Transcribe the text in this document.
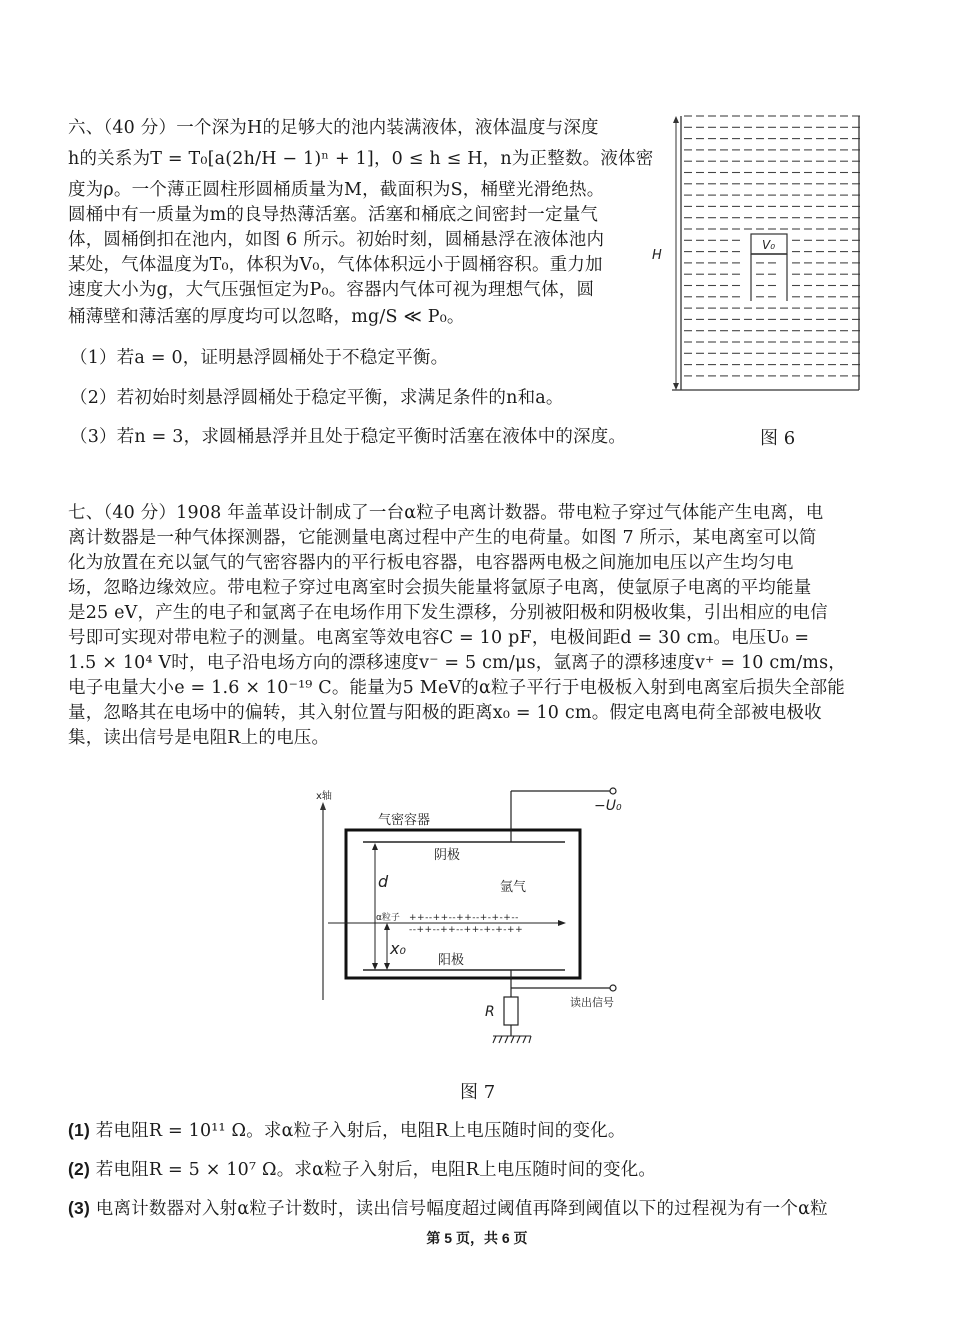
六、（40 分）一个深为H的足够大的池内装满液体，液体温度与深度
h的关系为T = T₀[a(2h/H − 1)ⁿ + 1]，0 ≤ h ≤ H，n为正整数。液体密
度为ρ。一个薄正圆柱形圆桶质量为M，截面积为S，桶壁光滑绝热。
圆桶中有一质量为m的良导热薄活塞。活塞和桶底之间密封一定量气
体，圆桶倒扣在池内，如图 6 所示。初始时刻，圆桶悬浮在液体池内
某处，气体温度为T₀，体积为V₀，气体体积远小于圆桶容积。重力加
速度大小为g，大气压强恒定为P₀。容器内气体可视为理想气体，圆
桶薄壁和薄活塞的厚度均可以忽略，mg/S ≪ P₀。
（1）若a = 0，证明悬浮圆桶处于不稳定平衡。
（2）若初始时刻悬浮圆桶处于稳定平衡，求满足条件的n和a。
（3）若n = 3，求圆桶悬浮并且处于稳定平衡时活塞在液体中的深度。
H
V₀
图 6
七、（40 分）1908 年盖革设计制成了一台α粒子电离计数器。带电粒子穿过气体能产生电离，电
离计数器是一种气体探测器，它能测量电离过程中产生的电荷量。如图 7 所示，某电离室可以简
化为放置在充以氩气的气密容器内的平行板电容器，电容器两电极之间施加电压以产生均匀电
场，忽略边缘效应。带电粒子穿过电离室时会损失能量将氩原子电离，使氩原子电离的平均能量
是25 eV，产生的电子和氩离子在电场作用下发生漂移，分别被阳极和阴极收集，引出相应的电信
号即可实现对带电粒子的测量。电离室等效电容C = 10 pF，电极间距d = 30 cm。电压U₀ =
1.5 × 10⁴ V时，电子沿电场方向的漂移速度v⁻ = 5 cm/μs，氩离子的漂移速度v⁺ = 10 cm/ms，
电子电量大小e = 1.6 × 10⁻¹⁹ C。能量为5 MeV的α粒子平行于电极板入射到电离室后损失全部能
量，忽略其在电场中的偏转，其入射位置与阳极的距离x₀ = 10 cm。假定电离电荷全部被电极收
集，读出信号是电阻R上的电压。
x轴
气密容器
阴极
−U₀
d	氩气
α粒子 ++--++--++--+-+-+--
--++--++--++-+-+-++
x₀
阳极
读出信号
R
图 7
(1) 若电阻R = 10¹¹ Ω。求α粒子入射后，电阻R上电压随时间的变化。
(2) 若电阻R = 5 × 10⁷ Ω。求α粒子入射后，电阻R上电压随时间的变化。
(3) 电离计数器对入射α粒子计数时，读出信号幅度超过阈值再降到阈值以下的过程视为有一个α粒
第 5 页，共 6 页
